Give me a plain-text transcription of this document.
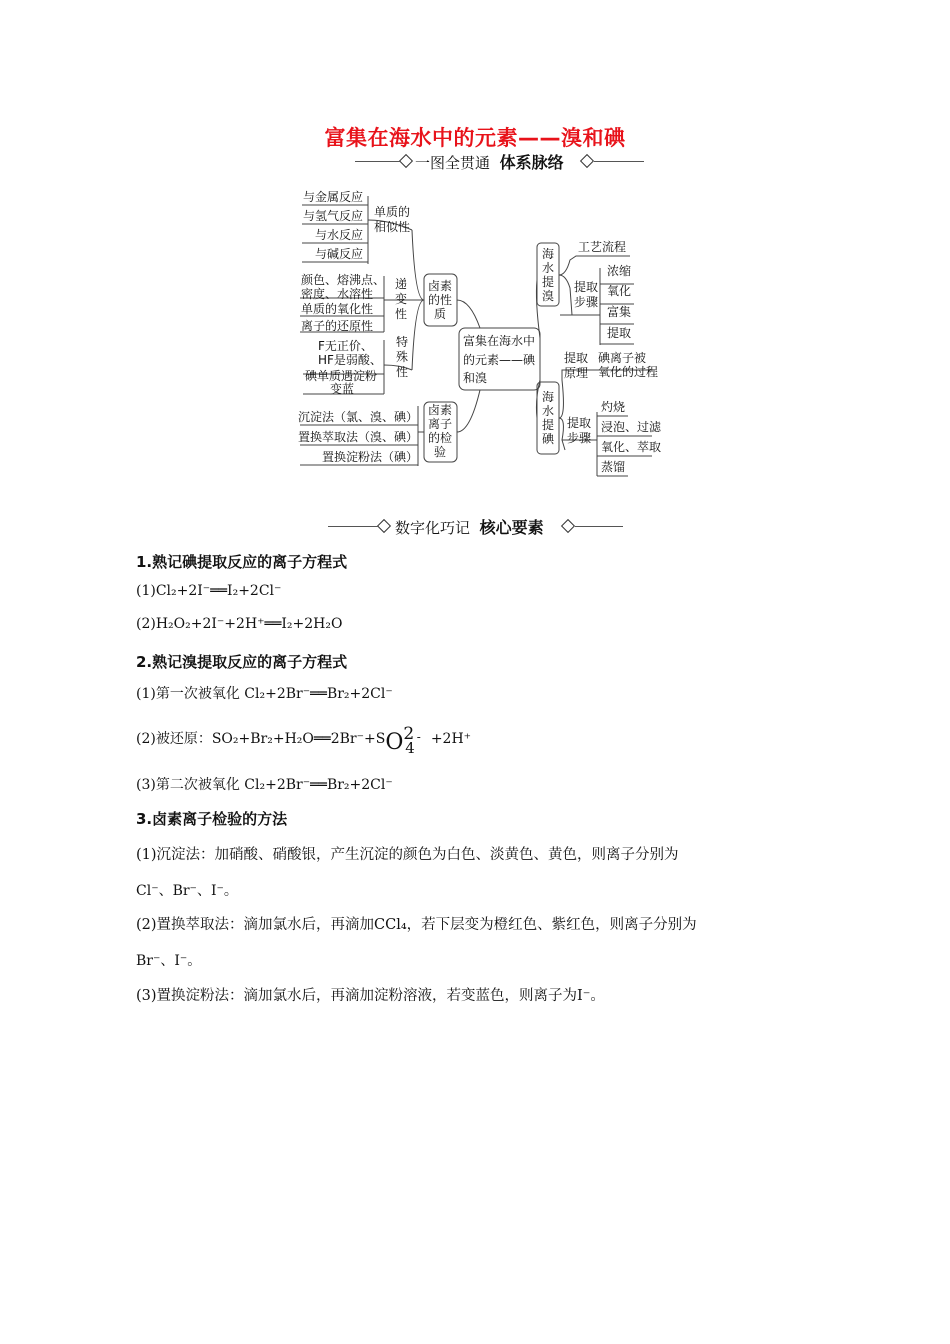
富集在海水中的元素——溴和碘
一图全贯通 体系脉络
与金属反应
与氢气反应
与水反应
与碱反应
单质的相似性
颜色、熔沸点、
密度、水溶性
单质的氧化性
离子的还原性
递变性
F无正价、
HF是弱酸、
碘单质遇淀粉
变蓝
特殊性
卤素的性质
沉淀法（氯、溴、碘）
置换萃取法（溴、碘）
置换淀粉法（碘）
卤素离子的检验
富集在海水中
的元素——碘
和溴
海水提溴
工艺流程
提取步骤
浓缩
氧化
富集
提取
海水提碘
提取原理
碘离子被
氧化的过程
提取步骤
灼烧
浸泡、过滤
氧化、萃取
蒸馏
数字化巧记 核心要素
1.熟记碘提取反应的离子方程式
(1)Cl₂+2I⁻══I₂+2Cl⁻
(2)H₂O₂+2I⁻+2H⁺══I₂+2H₂O
2.熟记溴提取反应的离子方程式
(1)第一次被氧化 Cl₂+2Br⁻══Br₂+2Cl⁻
(2)被还原：SO₂+Br₂+H₂O══2Br⁻+SO24- +2H⁺
(3)第二次被氧化 Cl₂+2Br⁻══Br₂+2Cl⁻
3.卤素离子检验的方法
(1)沉淀法：加硝酸、硝酸银，产生沉淀的颜色为白色、淡黄色、黄色，则离子分别为
Cl⁻、Br⁻、I⁻。
(2)置换萃取法：滴加氯水后，再滴加CCl₄，若下层变为橙红色、紫红色，则离子分别为
Br⁻、I⁻。
(3)置换淀粉法：滴加氯水后，再滴加淀粉溶液，若变蓝色，则离子为I⁻。
